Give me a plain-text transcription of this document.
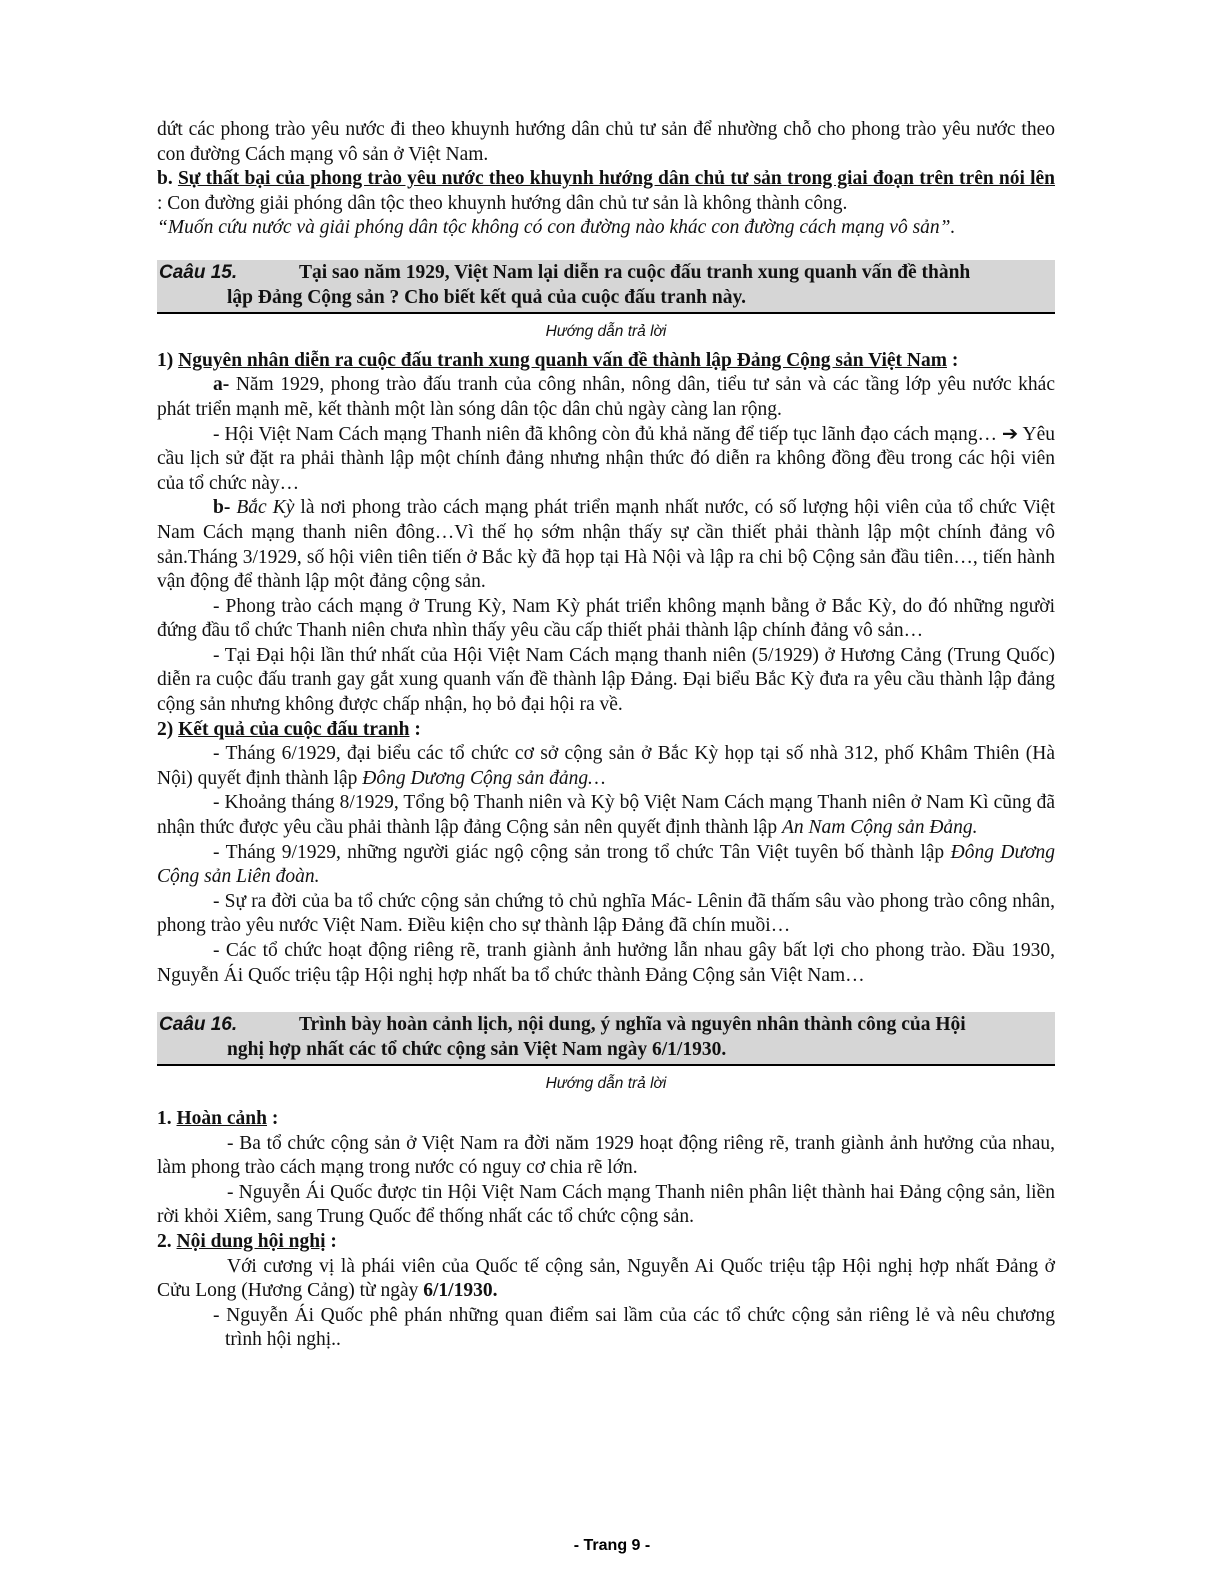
dứt các phong trào yêu nước đi theo khuynh hướng dân chủ tư sản để nhường chỗ cho phong trào yêu nước theo con đường Cách mạng vô sản ở Việt Nam.

b. Sự thất bại của phong trào yêu nước theo khuynh hướng dân chủ tư sản trong giai đoạn trên trên nói lên : Con đường giải phóng dân tộc theo khuynh hướng dân chủ tư sản là không thành công.

“Muốn cứu nước và giải phóng dân tộc không có con đường nào khác con đường cách mạng vô sản”.

Caâu 15.	Tại sao năm 1929, Việt Nam lại diễn ra cuộc đấu tranh xung quanh vấn đề thành
lập Đảng Cộng sản ? Cho biết kết quả của cuộc đấu tranh này.
Hướng dẫn trả lời

1) Nguyên nhân diễn ra cuộc đấu tranh xung quanh vấn đề thành lập Đảng Cộng sản Việt Nam :

a- Năm 1929, phong trào đấu tranh của công nhân, nông dân, tiểu tư sản và các tầng lớp yêu nước khác phát triển mạnh mẽ, kết thành một làn sóng dân tộc dân chủ ngày càng lan rộng.

- Hội Việt Nam Cách mạng Thanh niên đã không còn đủ khả năng để tiếp tục lãnh đạo cách mạng… ➔ Yêu cầu lịch sử đặt ra phải thành lập một chính đảng nhưng nhận thức đó diễn ra không đồng đều trong các hội viên của tổ chức này…

b- Bắc Kỳ là nơi phong trào cách mạng phát triển mạnh nhất nước, có số lượng hội viên của tổ chức Việt Nam Cách mạng thanh niên đông…Vì thế họ sớm nhận thấy sự cần thiết phải thành lập một chính đảng vô sản.Tháng 3/1929, số hội viên tiên tiến ở Bắc kỳ đã họp tại Hà Nội và lập ra chi bộ Cộng sản đầu tiên…, tiến hành vận động để thành lập một đảng cộng sản.

- Phong trào cách mạng ở Trung Kỳ, Nam Kỳ phát triển không mạnh bằng ở Bắc Kỳ, do đó những người đứng đầu tổ chức Thanh niên chưa nhìn thấy yêu cầu cấp thiết phải thành lập chính đảng vô sản…

- Tại Đại hội lần thứ nhất của Hội Việt Nam Cách mạng thanh niên (5/1929) ở Hương Cảng (Trung Quốc) diễn ra cuộc đấu tranh gay gắt xung quanh vấn đề thành lập Đảng. Đại biểu Bắc Kỳ đưa ra yêu cầu thành lập đảng cộng sản nhưng không được chấp nhận, họ bỏ đại hội ra về.

2) Kết quả của cuộc đấu tranh :

- Tháng 6/1929, đại biểu các tổ chức cơ sở cộng sản ở Bắc Kỳ họp tại số nhà 312, phố Khâm Thiên (Hà Nội) quyết định thành lập Đông Dương Cộng sản đảng…

- Khoảng tháng 8/1929, Tổng bộ Thanh niên và Kỳ bộ Việt Nam Cách mạng Thanh niên ở Nam Kì cũng đã nhận thức được yêu cầu phải thành lập đảng Cộng sản nên quyết định thành lập An Nam Cộng sản Đảng.

- Tháng 9/1929, những người giác ngộ cộng sản trong tổ chức Tân Việt tuyên bố thành lập Đông Dương Cộng sản Liên đoàn.

- Sự ra đời của ba tổ chức cộng sản chứng tỏ chủ nghĩa Mác- Lênin đã thấm sâu vào phong trào công nhân, phong trào yêu nước Việt Nam. Điều kiện cho sự thành lập Đảng đã chín muồi…

- Các tổ chức hoạt động riêng rẽ, tranh giành ảnh hưởng lẫn nhau gây bất lợi cho phong trào. Đầu 1930, Nguyễn Ái Quốc triệu tập Hội nghị hợp nhất ba tổ chức thành Đảng Cộng sản Việt Nam…

Caâu 16.	Trình bày hoàn cảnh lịch, nội dung, ý nghĩa và nguyên nhân thành công của Hội
nghị hợp nhất các tổ chức cộng sản Việt Nam ngày 6/1/1930.
Hướng dẫn trả lời

1. Hoàn cảnh :

- Ba tổ chức cộng sản ở Việt Nam ra đời năm 1929 hoạt động riêng rẽ, tranh giành ảnh hưởng của nhau, làm phong trào cách mạng trong nước có nguy cơ chia rẽ lớn.

- Nguyễn Ái Quốc được tin Hội Việt Nam Cách mạng Thanh niên phân liệt thành hai Đảng cộng sản, liền rời khỏi Xiêm, sang Trung Quốc để thống nhất các tổ chức cộng sản.

2. Nội dung hội nghị :

Với cương vị là phái viên của Quốc tế cộng sản, Nguyễn Ai Quốc triệu tập Hội nghị hợp nhất Đảng ở Cửu Long (Hương Cảng) từ ngày 6/1/1930.

- Nguyễn Ái Quốc phê phán những quan điểm sai lầm của các tổ chức cộng sản riêng lẻ và nêu chương trình hội nghị..

- Trang 9 -
